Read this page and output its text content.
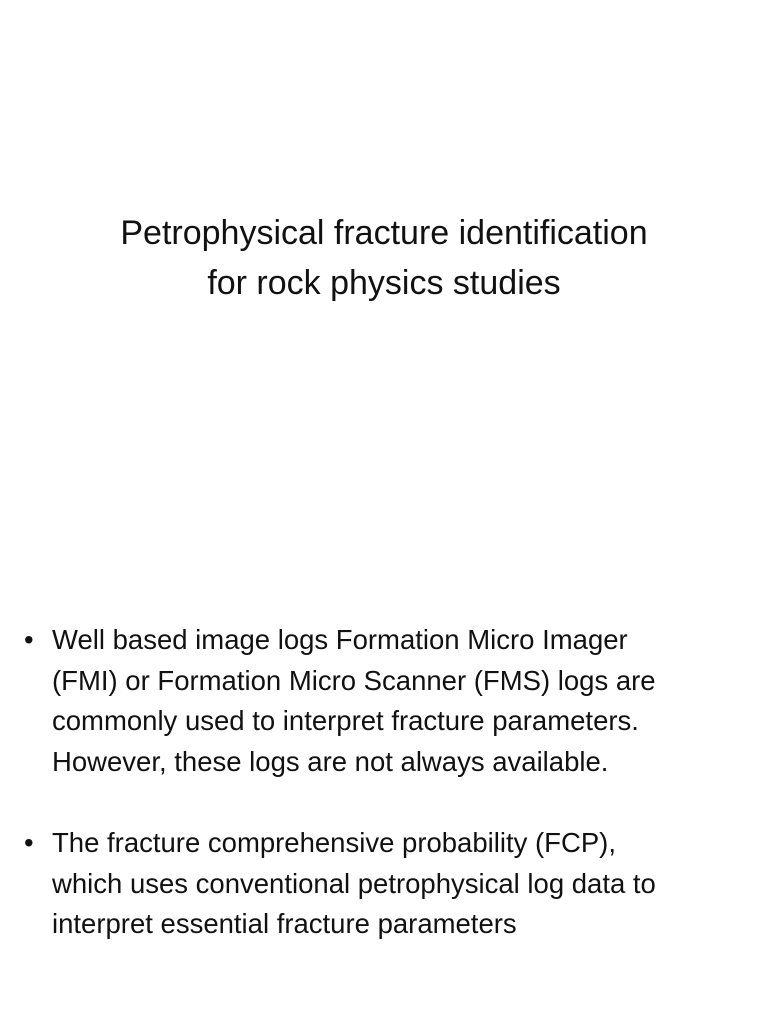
Petrophysical fracture identification
for rock physics studies
• Well based image logs Formation Micro Imager
(FMI) or Formation Micro Scanner (FMS) logs are
commonly used to interpret fracture parameters.
However, these logs are not always available.
• The fracture comprehensive probability (FCP),
which uses conventional petrophysical log data to
interpret essential fracture parameters
